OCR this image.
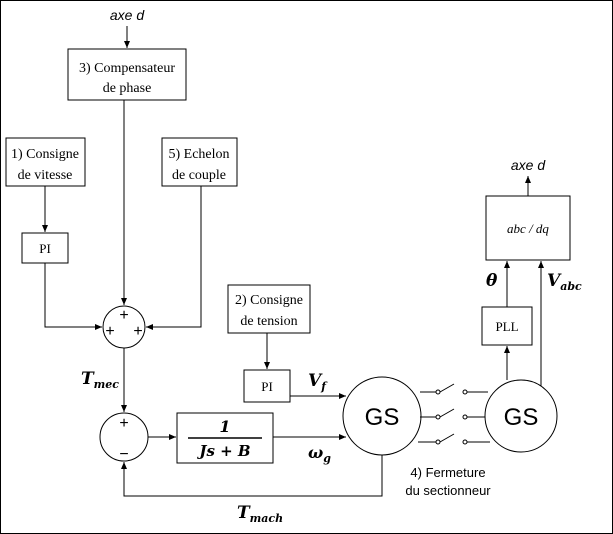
3) Compensateur
de phase
1) Consigne
de vitesse
5) Echelon
de couple
PI
2) Consigne
de tension
PI
1
Js + B
PLL
abc / dq
GS	GS
+
+ +
+
−
axe d
axe d
$T_{mec}$	$V_f$
$\omega_g$
$T_{mach}$
θ	$V_{abc}$
4) Fermeture
du sectionneur
